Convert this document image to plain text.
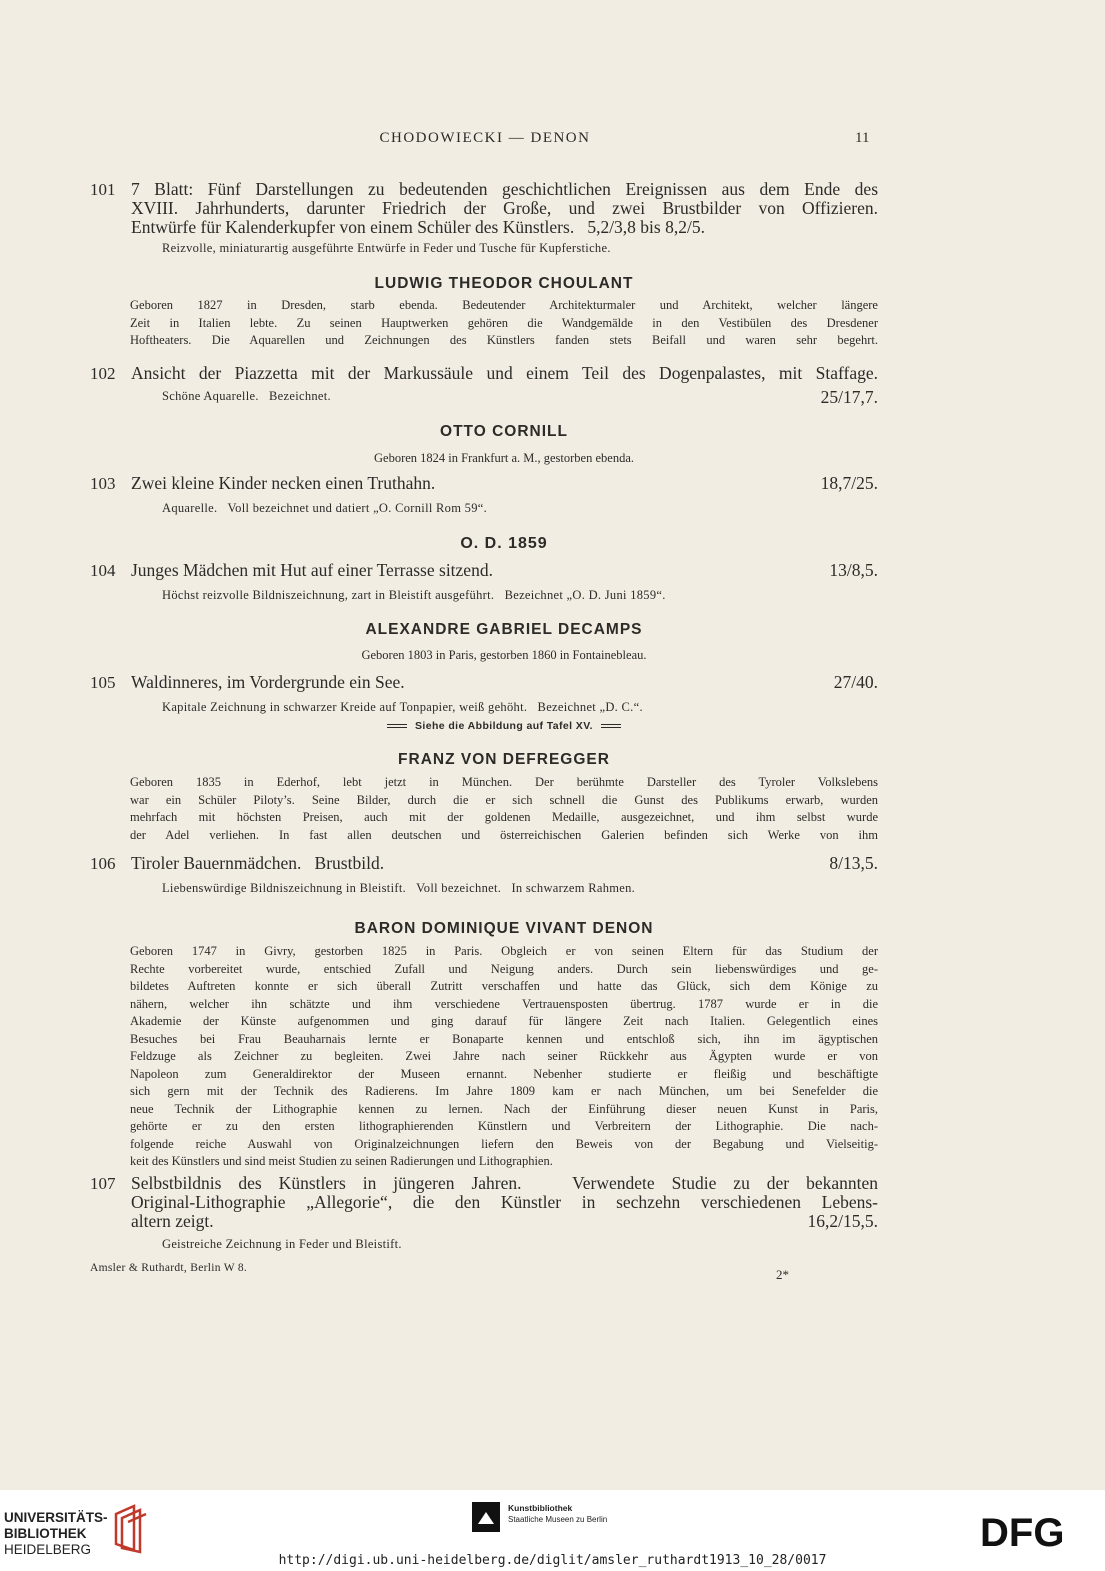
CHODOWIECKI — DENON	11
101 7 Blatt: Fünf Darstellungen zu bedeutenden geschichtlichen Ereignissen aus dem Ende des
XVIII. Jahrhunderts, darunter Friedrich der Große, und zwei Brustbilder von Offizieren.
Entwürfe für Kalenderkupfer von einem Schüler des Künstlers.   5,2/3,8 bis 8,2/5.
Reizvolle, miniaturartig ausgeführte Entwürfe in Feder und Tusche für Kupferstiche.
LUDWIG THEODOR CHOULANT
Geboren 1827 in Dresden, starb ebenda. Bedeutender Architekturmaler und Architekt, welcher längere
Zeit in Italien lebte. Zu seinen Hauptwerken gehören die Wandgemälde in den Vestibülen des Dresdener
Hoftheaters. Die Aquarellen und Zeichnungen des Künstlers fanden stets Beifall und waren sehr begehrt.
102 Ansicht der Piazzetta mit der Markussäule und einem Teil des Dogenpalastes, mit Staffage.
Schöne Aquarelle.   Bezeichnet.	25/17,7.
OTTO CORNILL
Geboren 1824 in Frankfurt a. M., gestorben ebenda.
103 Zwei kleine Kinder necken einen Truthahn.	18,7/25.
Aquarelle.   Voll bezeichnet und datiert „O. Cornill Rom 59“.
O. D. 1859
104 Junges Mädchen mit Hut auf einer Terrasse sitzend.	13/8,5.
Höchst reizvolle Bildniszeichnung, zart in Bleistift ausgeführt.   Bezeichnet „O. D. Juni 1859“.
ALEXANDRE GABRIEL DECAMPS
Geboren 1803 in Paris, gestorben 1860 in Fontainebleau.
105 Waldinneres, im Vordergrunde ein See.	27/40.
Kapitale Zeichnung in schwarzer Kreide auf Tonpapier, weiß gehöht.   Bezeichnet „D. C.“.
Siehe die Abbildung auf Tafel XV.
FRANZ VON DEFREGGER
Geboren 1835 in Ederhof, lebt jetzt in München. Der berühmte Darsteller des Tyroler Volkslebens
war ein Schüler Piloty’s. Seine Bilder, durch die er sich schnell die Gunst des Publikums erwarb, wurden
mehrfach mit höchsten Preisen, auch mit der goldenen Medaille, ausgezeichnet, und ihm selbst wurde
der Adel verliehen. In fast allen deutschen und österreichischen Galerien befinden sich Werke von ihm
106 Tiroler Bauernmädchen.   Brustbild.	8/13,5.
Liebenswürdige Bildniszeichnung in Bleistift.   Voll bezeichnet.   In schwarzem Rahmen.
BARON DOMINIQUE VIVANT DENON
Geboren 1747 in Givry, gestorben 1825 in Paris. Obgleich er von seinen Eltern für das Studium der
Rechte vorbereitet wurde, entschied Zufall und Neigung anders. Durch sein liebenswürdiges und ge-
bildetes Auftreten konnte er sich überall Zutritt verschaffen und hatte das Glück, sich dem Könige zu
nähern, welcher ihn schätzte und ihm verschiedene Vertrauensposten übertrug. 1787 wurde er in die
Akademie der Künste aufgenommen und ging darauf für längere Zeit nach Italien. Gelegentlich eines
Besuches bei Frau Beauharnais lernte er Bonaparte kennen und entschloß sich, ihn im ägyptischen
Feldzuge als Zeichner zu begleiten. Zwei Jahre nach seiner Rückkehr aus Ägypten wurde er von
Napoleon zum Generaldirektor der Museen ernannt. Nebenher studierte er fleißig und beschäftigte
sich gern mit der Technik des Radierens. Im Jahre 1809 kam er nach München, um bei Senefelder die
neue Technik der Lithographie kennen zu lernen. Nach der Einführung dieser neuen Kunst in Paris,
gehörte er zu den ersten lithographierenden Künstlern und Verbreitern der Lithographie. Die nach-
folgende reiche Auswahl von Originalzeichnungen liefern den Beweis von der Begabung und Vielseitig-
keit des Künstlers und sind meist Studien zu seinen Radierungen und Lithographien.
107 Selbstbildnis des Künstlers in jüngeren Jahren.   Verwendete Studie zu der bekannten
Original-Lithographie „Allegorie“, die den Künstler in sechzehn verschiedenen Lebens-
altern zeigt.	16,2/15,5.
Geistreiche Zeichnung in Feder und Bleistift.
Amsler & Ruthardt, Berlin W 8.	2*
UNIVERSITÄTS-
BIBLIOTHEK
HEIDELBERG
Kunstbibliothek
Staatliche Museen zu Berlin	DFG
http://digi.ub.uni-heidelberg.de/diglit/amsler_ruthardt1913_10_28/0017
